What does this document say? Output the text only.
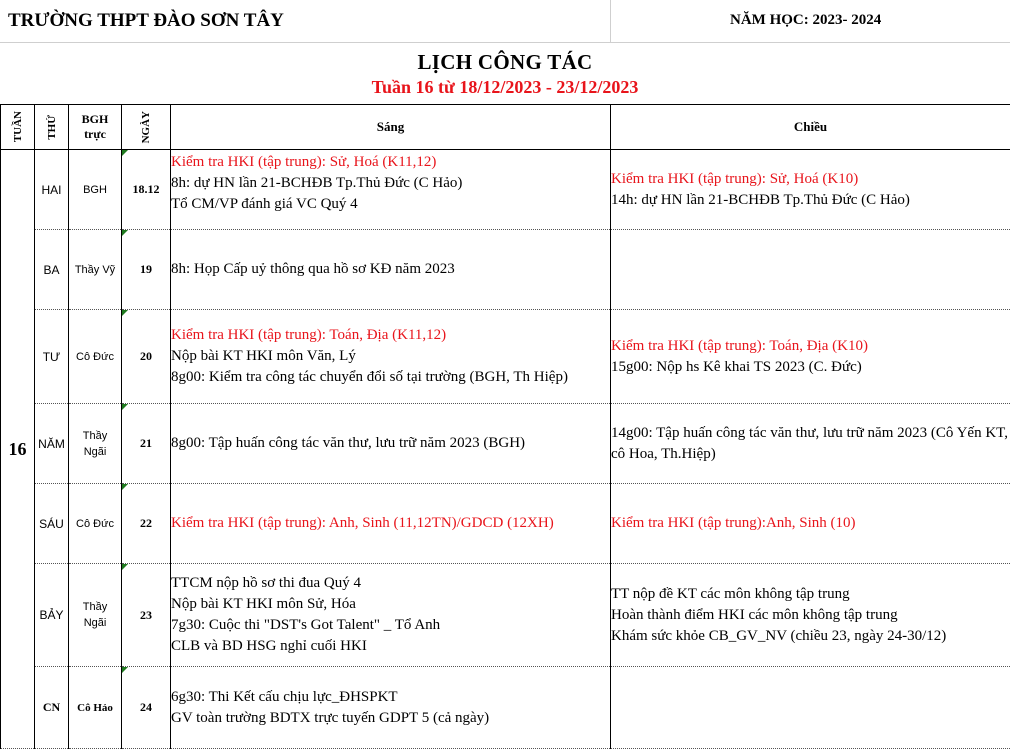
TRƯỜNG THPT ĐÀO SƠN TÂY	NĂM HỌC: 2023- 2024
LỊCH CÔNG TÁC
Tuần 16 từ 18/12/2023 - 23/12/2023
TUẦN	THỨ	BGH
trực	NGÀY	Sáng	Chiều
16	HAI	BGH	18.12	Kiểm tra HKI (tập trung): Sử, Hoá (K11,12)
8h: dự HN lần 21-BCHĐB Tp.Thủ Đức (C Hảo)
Tổ CM/VP đánh giá VC Quý 4	Kiểm tra HKI (tập trung): Sử, Hoá (K10)
14h: dự HN lần 21-BCHĐB Tp.Thủ Đức (C Hảo)

	BA	Thầy Vỹ	19	8h: Họp Cấp uỷ thông qua hồ sơ KĐ năm 2023	

	TƯ	Cô Đức	20	Kiểm tra HKI (tập trung): Toán, Địa (K11,12)
Nộp bài KT HKI môn Văn, Lý
8g00: Kiểm tra công tác chuyển đổi số tại trường (BGH, Th Hiệp)	Kiểm tra HKI (tập trung): Toán, Địa (K10)
15g00: Nộp hs Kê khai TS 2023 (C. Đức)

	NĂM	Thầy
Ngãi	21	8g00: Tập huấn công tác văn thư, lưu trữ năm 2023 (BGH)	14g00: Tập huấn công tác văn thư, lưu trữ năm 2023 (Cô Yến KT, cô Hoa, Th.Hiệp)

	SÁU	Cô Đức	22	Kiểm tra HKI (tập trung): Anh, Sinh (11,12TN)/GDCD (12XH)	Kiểm tra HKI (tập trung):Anh, Sinh (10)

	BẢY	Thầy
Ngãi	23	TTCM nộp hồ sơ thi đua Quý 4
Nộp bài KT HKI môn Sử, Hóa
7g30: Cuộc thi "DST's Got Talent" _ Tổ Anh
CLB và BD HSG nghỉ cuối HKI	TT nộp đề KT các môn không tập trung
Hoàn thành điểm HKI các môn không tập trung
Khám sức khỏe CB_GV_NV (chiều 23, ngày 24-30/12)

	CN	Cô Hảo	24	6g30: Thi Kết cấu chịu lực_ĐHSPKT
GV toàn trường BDTX trực tuyến GDPT 5 (cả ngày)	
